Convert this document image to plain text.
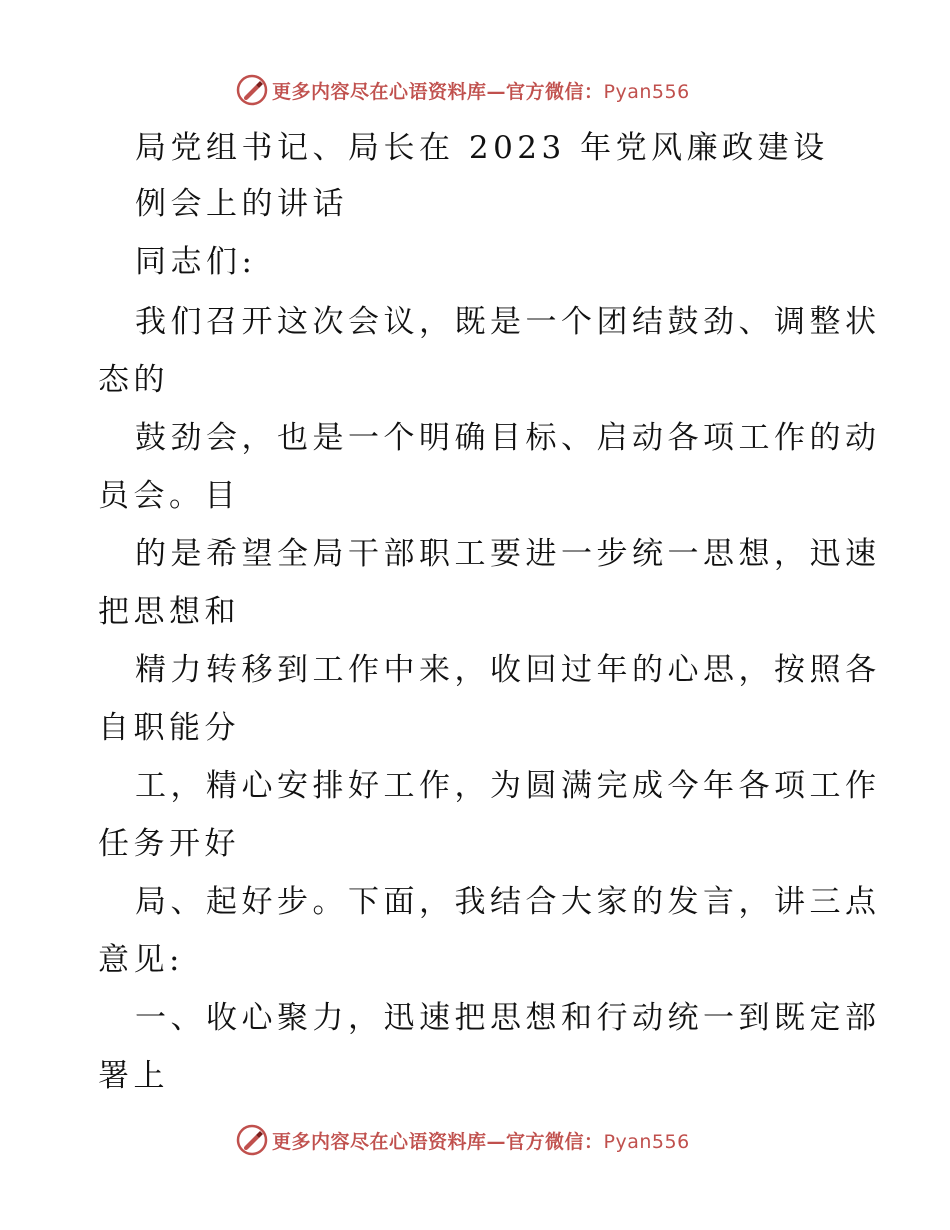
更多内容尽在心语资料库—官方微信：Pyan556
局党组书记、局长在 2023 年党风廉政建设
例会上的讲话
同志们:
我们召开这次会议，既是一个团结鼓劲、调整状
态的
鼓劲会，也是一个明确目标、启动各项工作的动
员会。目
的是希望全局干部职工要进一步统一思想，迅速
把思想和
精力转移到工作中来，收回过年的心思，按照各
自职能分
工，精心安排好工作，为圆满完成今年各项工作
任务开好
局、起好步。下面，我结合大家的发言，讲三点
意见:
一、收心聚力，迅速把思想和行动统一到既定部
署上
更多内容尽在心语资料库—官方微信：Pyan556
